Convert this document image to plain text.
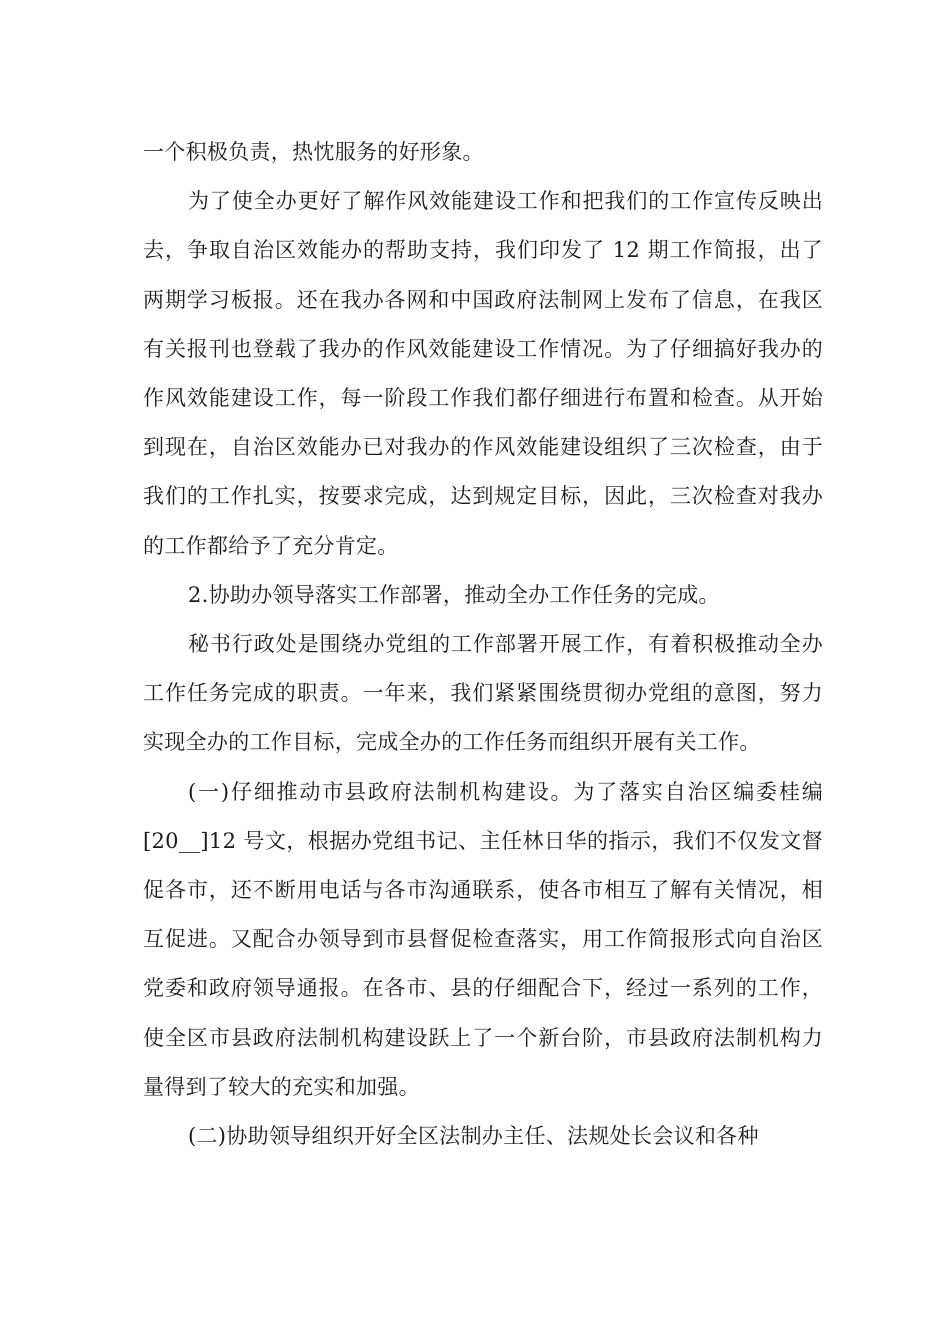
一个积极负责，热忱服务的好形象。

为了使全办更好了解作风效能建设工作和把我们的工作宣传反映出去，争取自治区效能办的帮助支持，我们印发了 12 期工作简报，出了两期学习板报。还在我办各网和中国政府法制网上发布了信息，在我区有关报刊也登载了我办的作风效能建设工作情况。为了仔细搞好我办的作风效能建设工作，每一阶段工作我们都仔细进行布置和检查。从开始到现在，自治区效能办已对我办的作风效能建设组织了三次检查，由于我们的工作扎实，按要求完成，达到规定目标，因此，三次检查对我办的工作都给予了充分肯定。

2.协助办领导落实工作部署，推动全办工作任务的完成。

秘书行政处是围绕办党组的工作部署开展工作，有着积极推动全办工作任务完成的职责。一年来，我们紧紧围绕贯彻办党组的意图，努力实现全办的工作目标，完成全办的工作任务而组织开展有关工作。

(一)仔细推动市县政府法制机构建设。为了落实自治区编委桂编[20__]12 号文，根据办党组书记、主任林日华的指示，我们不仅发文督促各市，还不断用电话与各市沟通联系，使各市相互了解有关情况，相互促进。又配合办领导到市县督促检查落实，用工作简报形式向自治区党委和政府领导通报。在各市、县的仔细配合下，经过一系列的工作，使全区市县政府法制机构建设跃上了一个新台阶，市县政府法制机构力量得到了较大的充实和加强。

(二)协助领导组织开好全区法制办主任、法规处长会议和各种
